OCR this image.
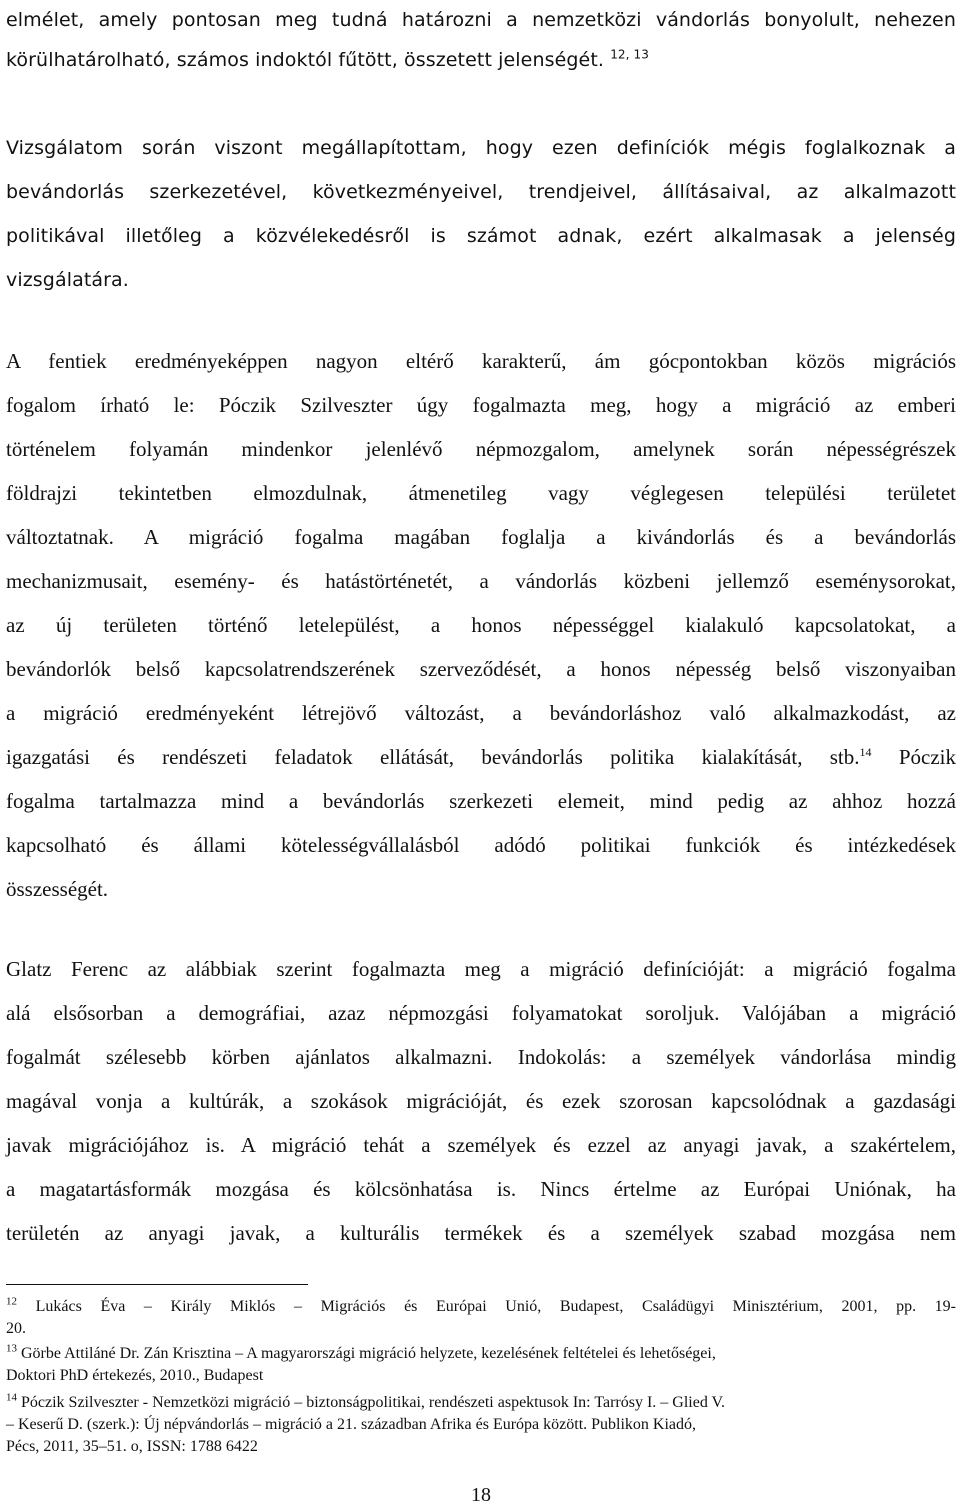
elmélet, amely pontosan meg tudná határozni a nemzetközi vándorlás bonyolult, nehezen
körülhatárolható, számos indoktól fűtött, összetett jelenségét. $^{12, 13}$
Vizsgálatom során viszont megállapítottam, hogy ezen definíciók mégis foglalkoznak a
bevándorlás szerkezetével, következményeivel, trendjeivel, állításaival, az alkalmazott
politikával illetőleg a közvélekedésről is számot adnak, ezért alkalmasak a jelenség
vizsgálatára.
A fentiek eredményeképpen nagyon eltérő karakterű, ám gócpontokban közös migrációs
fogalom írható le: Póczik Szilveszter úgy fogalmazta meg, hogy a migráció az emberi
történelem folyamán mindenkor jelenlévő népmozgalom, amelynek során népességrészek
földrajzi tekintetben elmozdulnak, átmenetileg vagy véglegesen települési területet
változtatnak. A migráció fogalma magában foglalja a kivándorlás és a bevándorlás
mechanizmusait, esemény- és hatástörténetét, a vándorlás közbeni jellemző eseménysorokat,
az új területen történő letelepülést, a honos népességgel kialakuló kapcsolatokat, a
bevándorlók belső kapcsolatrendszerének szerveződését, a honos népesség belső viszonyaiban
a migráció eredményeként létrejövő változást, a bevándorláshoz való alkalmazkodást, az
igazgatási és rendészeti feladatok ellátását, bevándorlás politika kialakítását, stb.$^{14}$ Póczik
fogalma tartalmazza mind a bevándorlás szerkezeti elemeit, mind pedig az ahhoz hozzá
kapcsolható és állami kötelességvállalásból adódó politikai funkciók és intézkedések
összességét.
Glatz Ferenc az alábbiak szerint fogalmazta meg a migráció definícióját: a migráció fogalma
alá elsősorban a demográfiai, azaz népmozgási folyamatokat soroljuk. Valójában a migráció
fogalmát szélesebb körben ajánlatos alkalmazni. Indokolás: a személyek vándorlása mindig
magával vonja a kultúrák, a szokások migrációját, és ezek szorosan kapcsolódnak a gazdasági
javak migrációjához is. A migráció tehát a személyek és ezzel az anyagi javak, a szakértelem,
a magatartásformák mozgása és kölcsönhatása is. Nincs értelme az Európai Uniónak, ha
területén az anyagi javak, a kulturális termékek és a személyek szabad mozgása nem
$^{12}$ Lukács Éva – Király Miklós – Migrációs és Európai Unió, Budapest, Családügyi Minisztérium, 2001, pp. 19-
20.
$^{13}$ Görbe Attiláné Dr. Zán Krisztina – A magyarországi migráció helyzete, kezelésének feltételei és lehetőségei,
Doktori PhD értekezés, 2010., Budapest
$^{14}$ Póczik Szilveszter - Nemzetközi migráció – biztonságpolitikai, rendészeti aspektusok In: Tarrósy I. – Glied V.
– Keserű D. (szerk.): Új népvándorlás – migráció a 21. században Afrika és Európa között. Publikon Kiadó,
Pécs, 2011, 35–51. o, ISSN: 1788 6422
18
